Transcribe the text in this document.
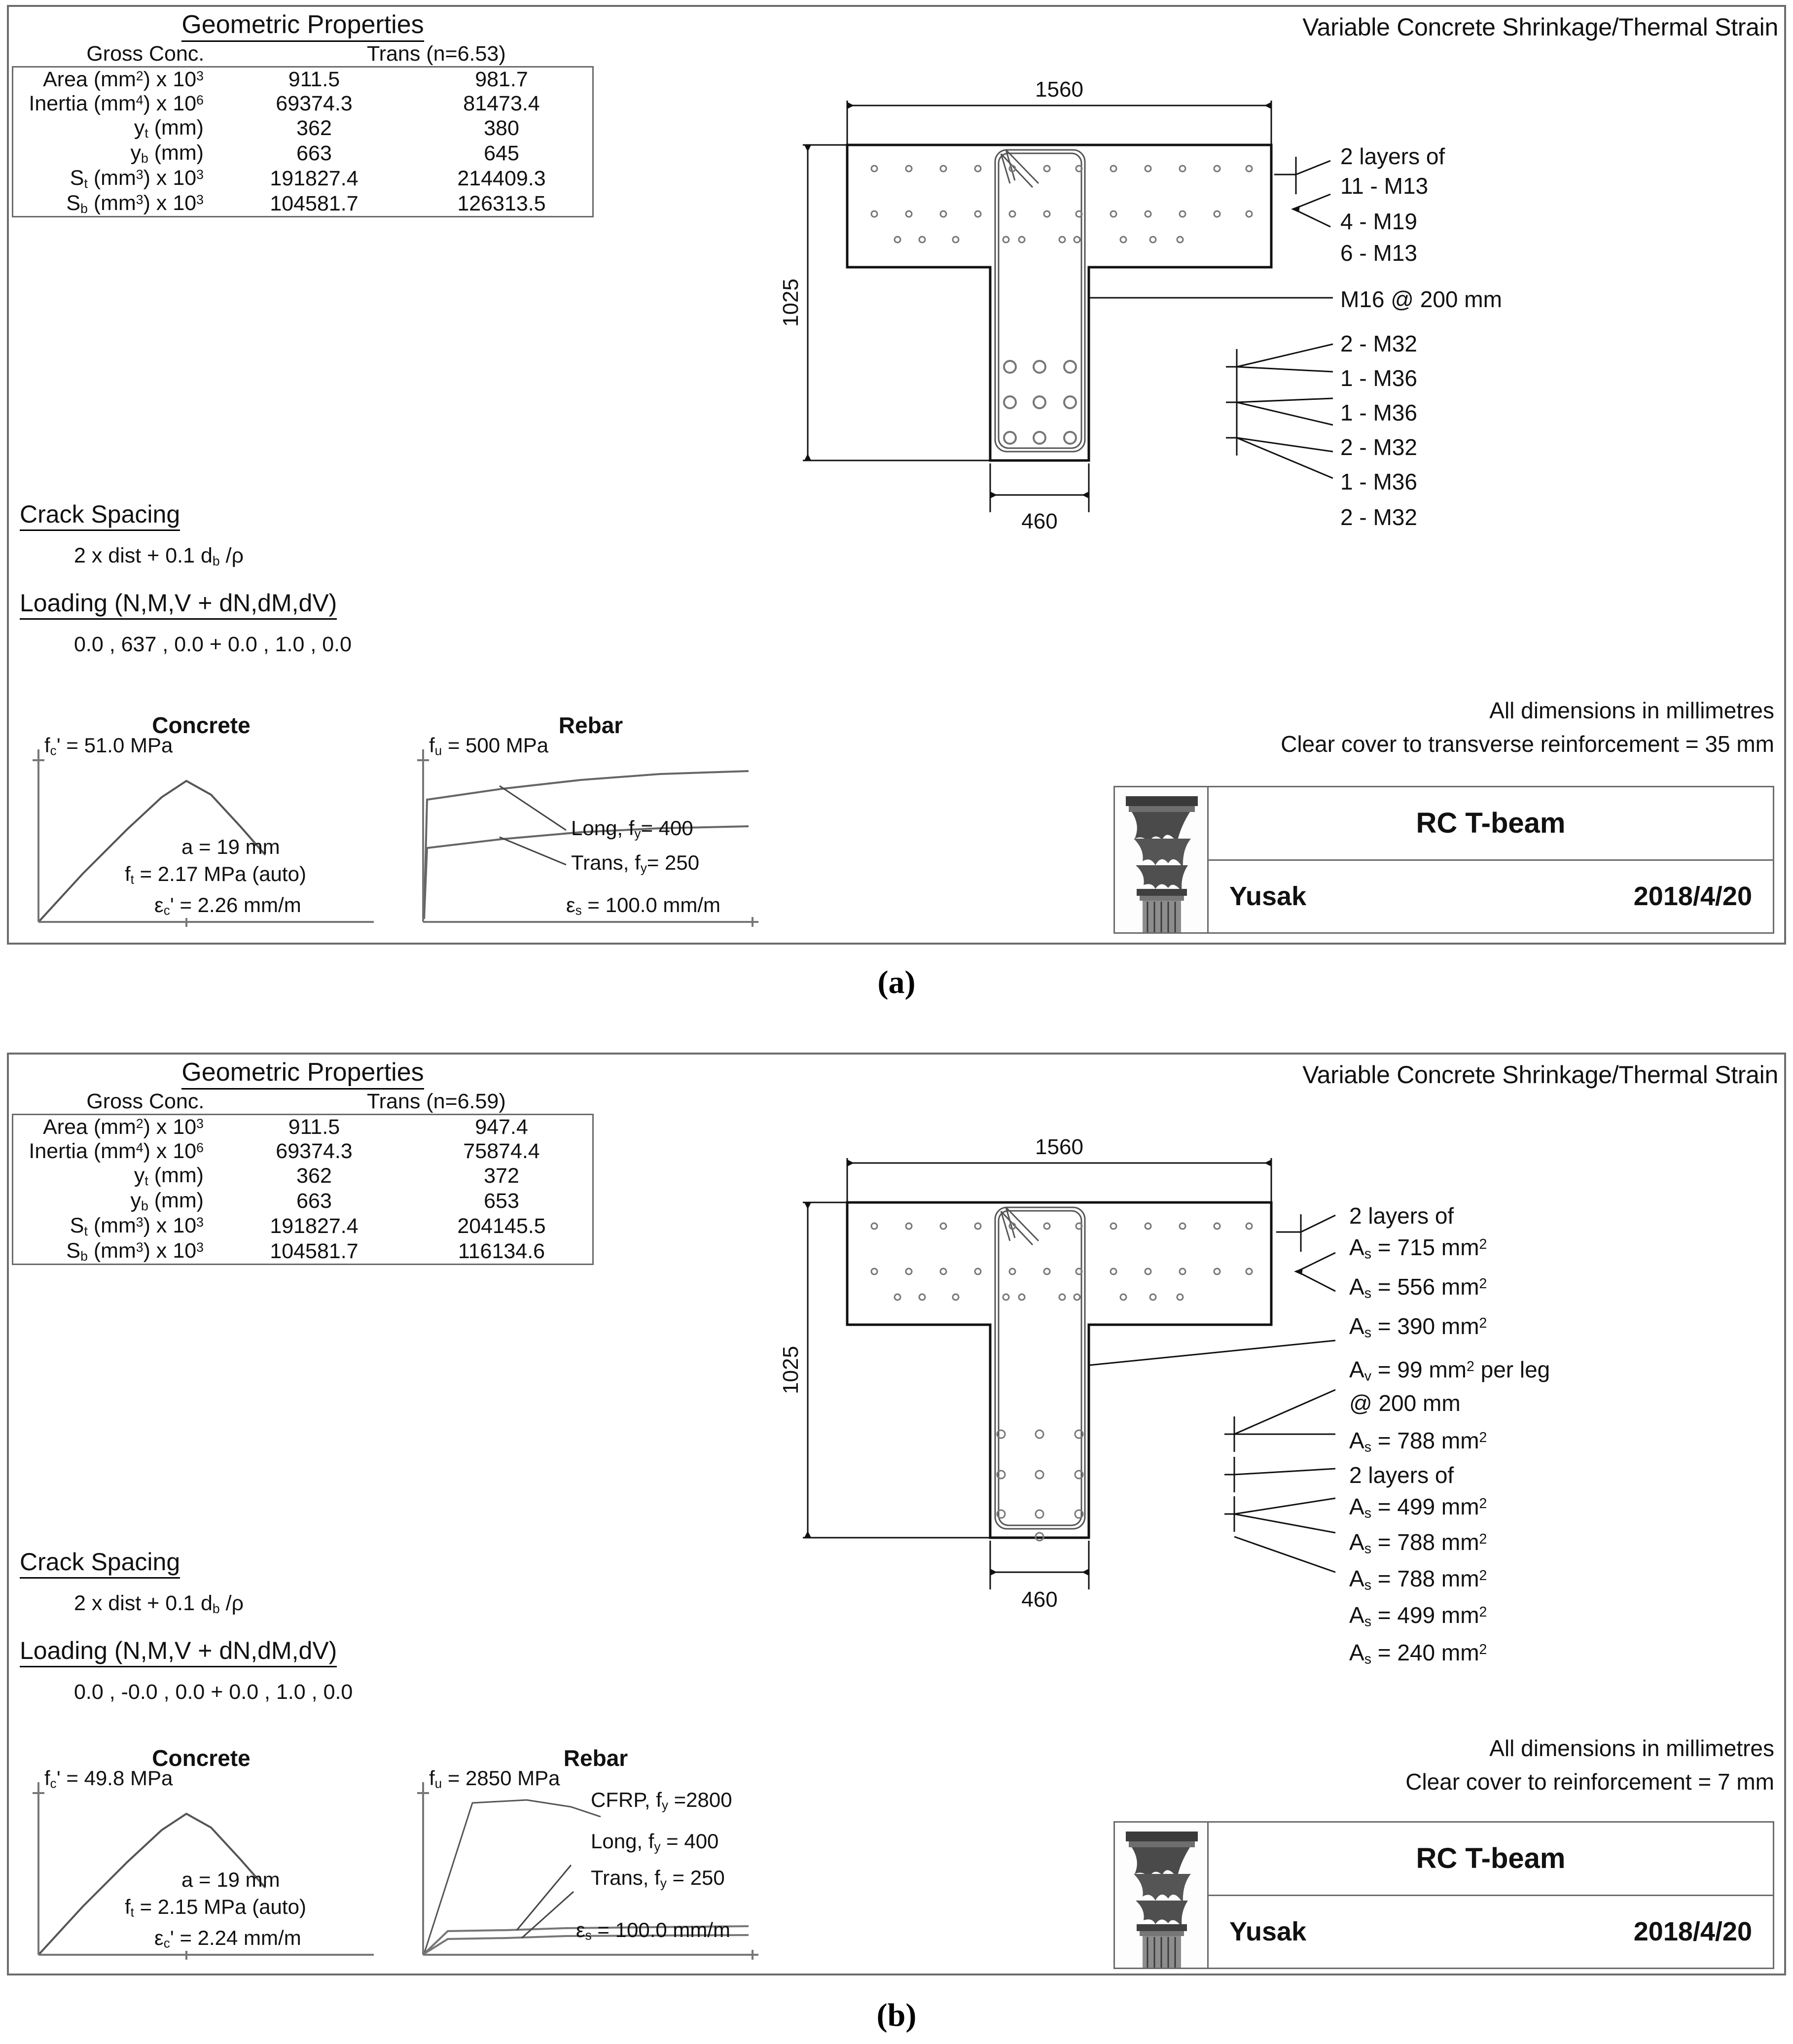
Variable Concrete Shrinkage/Thermal Strain
Geometric Properties
	Gross Conc.	Trans (n=6.53)
Area $(mm^2)$ x $10^3$	911.5	981.7
Inertia $(mm^4)$ x $10^6$	69374.3	81473.4
$y_t$ (mm)	362	380
$y_b$ (mm)	663	645
$S_t$ $(mm^3)$ x $10^3$	191827.4	214409.3
$S_b$ $(mm^3)$ x $10^3$	104581.7	126313.5
Crack Spacing
2 x dist + 0.1 $d_b$ /ρ
Loading (N,M,V + dN,dM,dV)
0.0 , 637 , 0.0 + 0.0 , 1.0 , 0.0
Concrete
$f_c' = 51.0$ MPa
a = 19 mm
$f_t = 2.17$ MPa (auto)
$\varepsilon_c' = 2.26$ mm/m
Rebar
$f_u = 500$ MPa
Long, $f_y= 400$
Trans, $f_y= 250$
$\varepsilon_s = 100.0$ mm/m
1560
1025
460
2 layers of
11 - M13
4 - M19
6 - M13
M16 @ 200 mm
2 - M32
1 - M36
1 - M36
2 - M32
1 - M36
2 - M32
All dimensions in millimetres
Clear cover to transverse reinforcement = 35 mm
RC T-beam
Yusak	2018/4/20
(a)
Variable Concrete Shrinkage/Thermal Strain
Geometric Properties
	Gross Conc.	Trans (n=6.59)
Area $(mm^2)$ x $10^3$	911.5	947.4
Inertia $(mm^4)$ x $10^6$	69374.3	75874.4
$y_t$ (mm)	362	372
$y_b$ (mm)	663	653
$S_t$ $(mm^3)$ x $10^3$	191827.4	204145.5
$S_b$ $(mm^3)$ x $10^3$	104581.7	116134.6
Crack Spacing
2 x dist + 0.1 $d_b$ /ρ
Loading (N,M,V + dN,dM,dV)
0.0 , -0.0 , 0.0 + 0.0 , 1.0 , 0.0
Concrete
$f_c' = 49.8$ MPa
a = 19 mm
$f_t = 2.15$ MPa (auto)
$\varepsilon_c' = 2.24$ mm/m
Rebar
$f_u = 2850$ MPa
CFRP, $f_y =2800$
Long, $f_y = 400$
Trans, $f_y = 250$
$\varepsilon_s = 100.0$ mm/m
1560
1025
460
2 layers of
$A_s = 715$ $mm^2$
$A_s = 556$ $mm^2$
$A_s = 390$ $mm^2$
$A_v = 99$ $mm^2$ per leg
@ 200 mm
$A_s = 788$ $mm^2$
2 layers of
$A_s = 499$ $mm^2$
$A_s = 788$ $mm^2$
$A_s = 788$ $mm^2$
$A_s = 499$ $mm^2$
$A_s = 240$ $mm^2$
All dimensions in millimetres
Clear cover to reinforcement = 7 mm
RC T-beam
Yusak	2018/4/20
(b)
